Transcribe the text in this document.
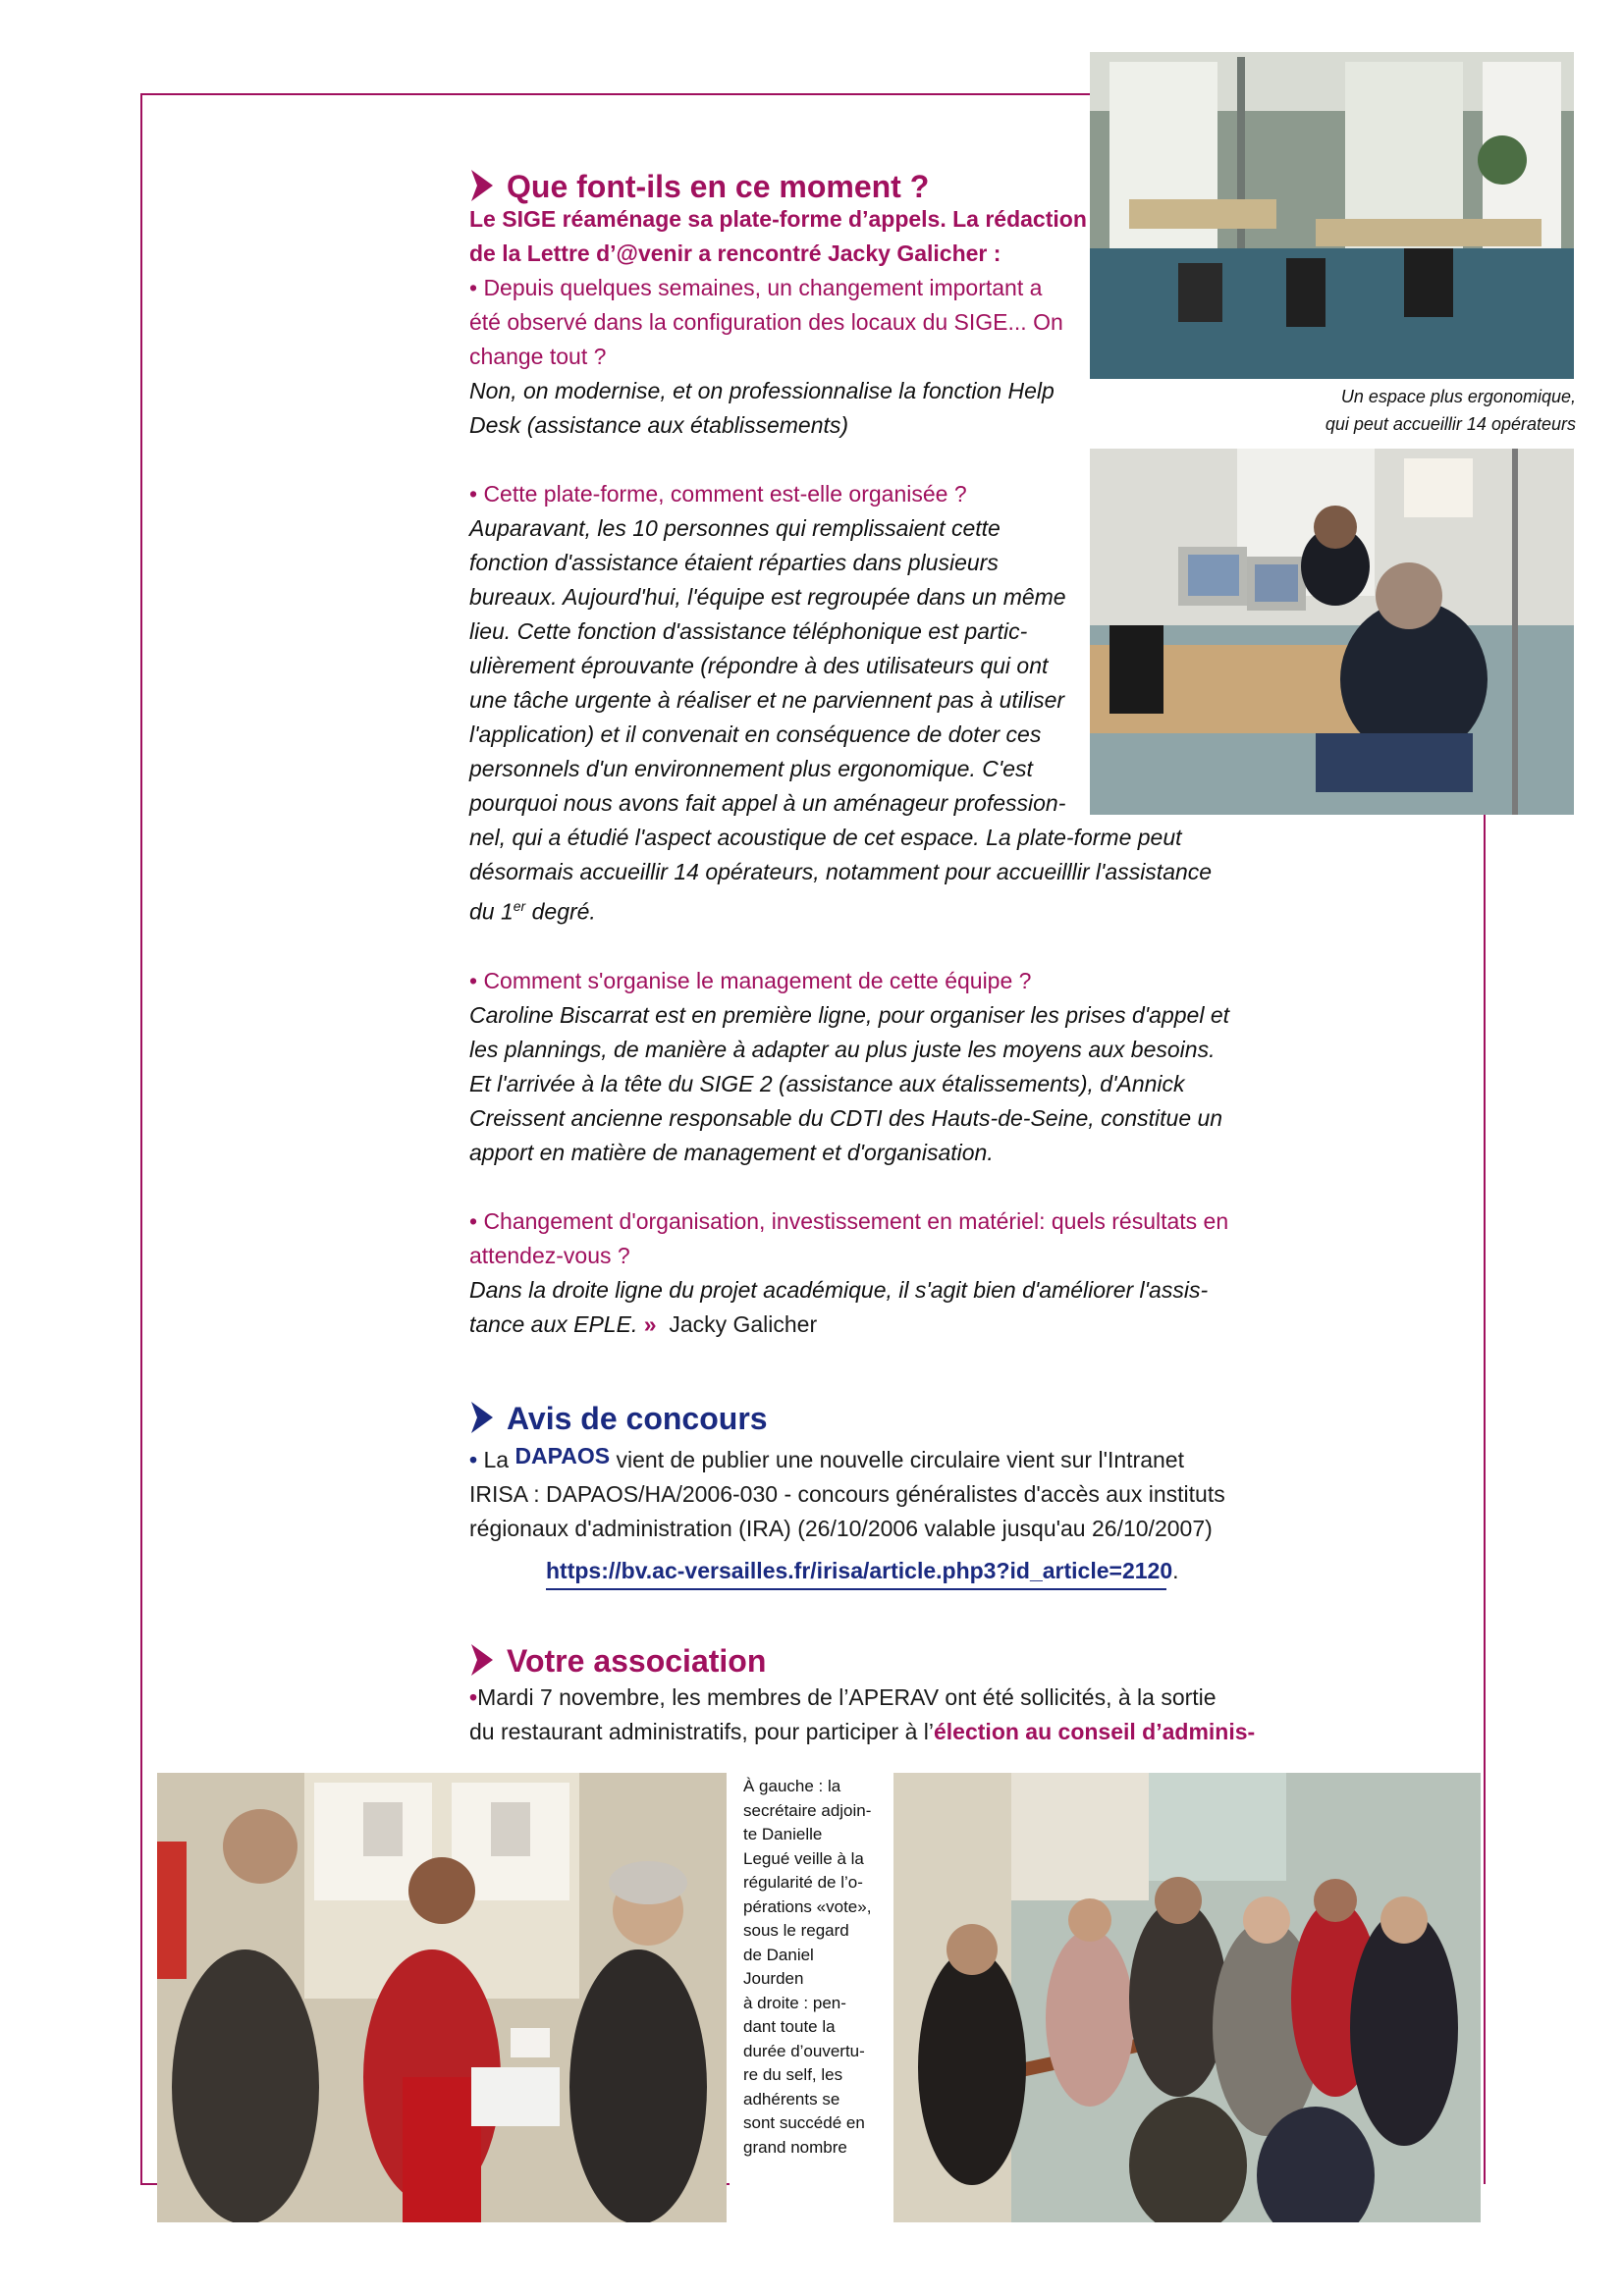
Un espace plus ergonomique,
qui peut accueillir 14 opérateurs
Que font-ils en ce moment ?

Le SIGE réaménage sa plate-forme d’appels. La rédaction

de la Lettre d’@venir a rencontré Jacky Galicher :

• Depuis quelques semaines, un changement important a

été observé dans la configuration des locaux du SIGE... On

change tout ?

Non, on modernise, et on professionnalise la fonction Help

Desk (assistance aux établissements)

• Cette plate-forme, comment est-elle organisée ?

Auparavant, les 10 personnes qui remplissaient cette

fonction d'assistance étaient réparties dans plusieurs

bureaux. Aujourd'hui, l'équipe est regroupée dans un même

lieu. Cette fonction d'assistance téléphonique est partic-

ulièrement éprouvante (répondre à des utilisateurs qui ont

une tâche urgente à réaliser et ne parviennent pas à utiliser

l'application) et il convenait en conséquence de doter ces

personnels d'un environnement plus ergonomique. C'est

pourquoi nous avons fait appel à un aménageur profession-

nel, qui a étudié l'aspect acoustique de cet espace. La plate-forme peut

désormais accueillir 14 opérateurs, notamment pour accueilllir l'assistance

du 1er degré.

• Comment s'organise le management de cette équipe ?

Caroline Biscarrat est en première ligne, pour organiser les prises d'appel et

les plannings, de manière à adapter au plus juste les moyens aux besoins.

Et l'arrivée à la tête du SIGE 2 (assistance aux étalissements), d'Annick

Creissent ancienne responsable du CDTI des Hauts-de-Seine, constitue un

apport en matière de management et d'organisation.

• Changement d'organisation, investissement en matériel: quels résultats en

attendez-vous ?

Dans la droite ligne du projet académique, il s'agit bien d'améliorer l'assis-

tance aux EPLE. » Jacky Galicher

Avis de concours

• La DAPAOS vient de publier une nouvelle circulaire vient sur l'Intranet

IRISA : DAPAOS/HA/2006-030 - concours généralistes d'accès aux instituts

régionaux d'administration (IRA) (26/10/2006 valable jusqu'au 26/10/2007)

https://bv.ac-versailles.fr/irisa/article.php3?id_article=2120.
Votre association

•Mardi 7 novembre, les membres de l’APERAV ont été sollicités, à la sortie

du restaurant administratifs, pour participer à l’élection au conseil d’adminis-

À gauche : la
secrétaire adjoin-
te Danielle
Legué veille à la
régularité de l’o-
pérations «vote»,
sous le regard
de Daniel
Jourden
à droite : pen-
dant toute la
durée d’ouvertu-
re du self, les
adhérents se
sont succédé en
grand nombre
